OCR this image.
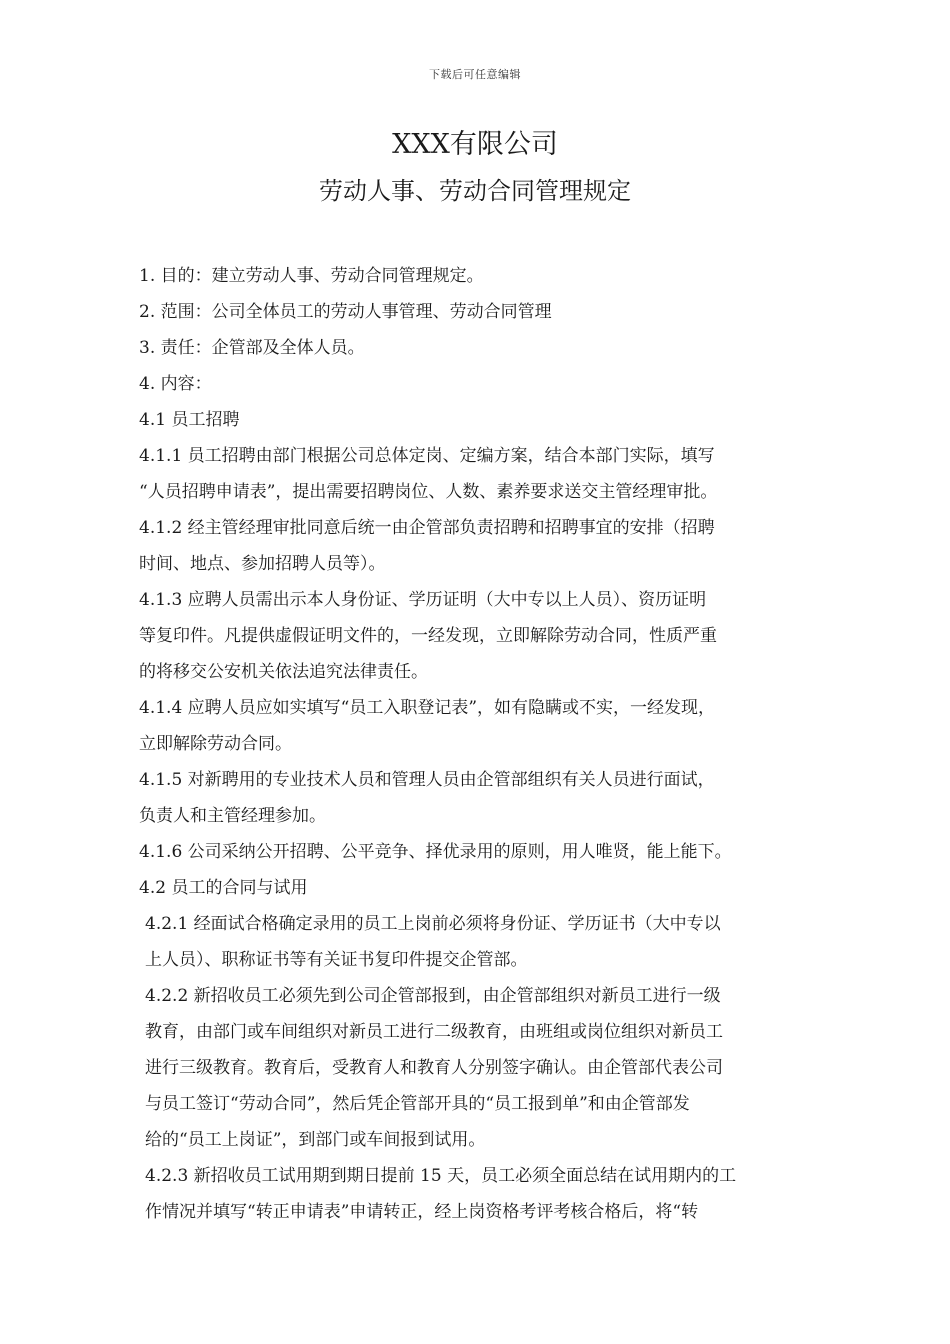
下载后可任意编辑
XXX有限公司
劳动人事、劳动合同管理规定
1. 目的：建立劳动人事、劳动合同管理规定。
2. 范围：公司全体员工的劳动人事管理、劳动合同管理
3. 责任：企管部及全体人员。
4. 内容：
4.1 员工招聘
4.1.1 员工招聘由部门根据公司总体定岗、定编方案，结合本部门实际，填写
“人员招聘申请表”，提出需要招聘岗位、人数、素养要求送交主管经理审批。
4.1.2 经主管经理审批同意后统一由企管部负责招聘和招聘事宜的安排（招聘
时间、地点、参加招聘人员等）。
4.1.3 应聘人员需出示本人身份证、学历证明（大中专以上人员）、资历证明
等复印件。凡提供虚假证明文件的，一经发现，立即解除劳动合同，性质严重
的将移交公安机关依法追究法律责任。
4.1.4 应聘人员应如实填写“员工入职登记表”，如有隐瞒或不实，一经发现，
立即解除劳动合同。
4.1.5 对新聘用的专业技术人员和管理人员由企管部组织有关人员进行面试，
负责人和主管经理参加。
4.1.6 公司采纳公开招聘、公平竞争、择优录用的原则，用人唯贤，能上能下。
4.2 员工的合同与试用
4.2.1 经面试合格确定录用的员工上岗前必须将身份证、学历证书（大中专以
上人员）、职称证书等有关证书复印件提交企管部。
4.2.2 新招收员工必须先到公司企管部报到，由企管部组织对新员工进行一级
教育，由部门或车间组织对新员工进行二级教育，由班组或岗位组织对新员工
进行三级教育。教育后，受教育人和教育人分别签字确认。由企管部代表公司
与员工签订“劳动合同”，然后凭企管部开具的“员工报到单”和由企管部发
给的“员工上岗证”，到部门或车间报到试用。
4.2.3 新招收员工试用期到期日提前 15 天，员工必须全面总结在试用期内的工
作情况并填写“转正申请表”申请转正，经上岗资格考评考核合格后，将“转
